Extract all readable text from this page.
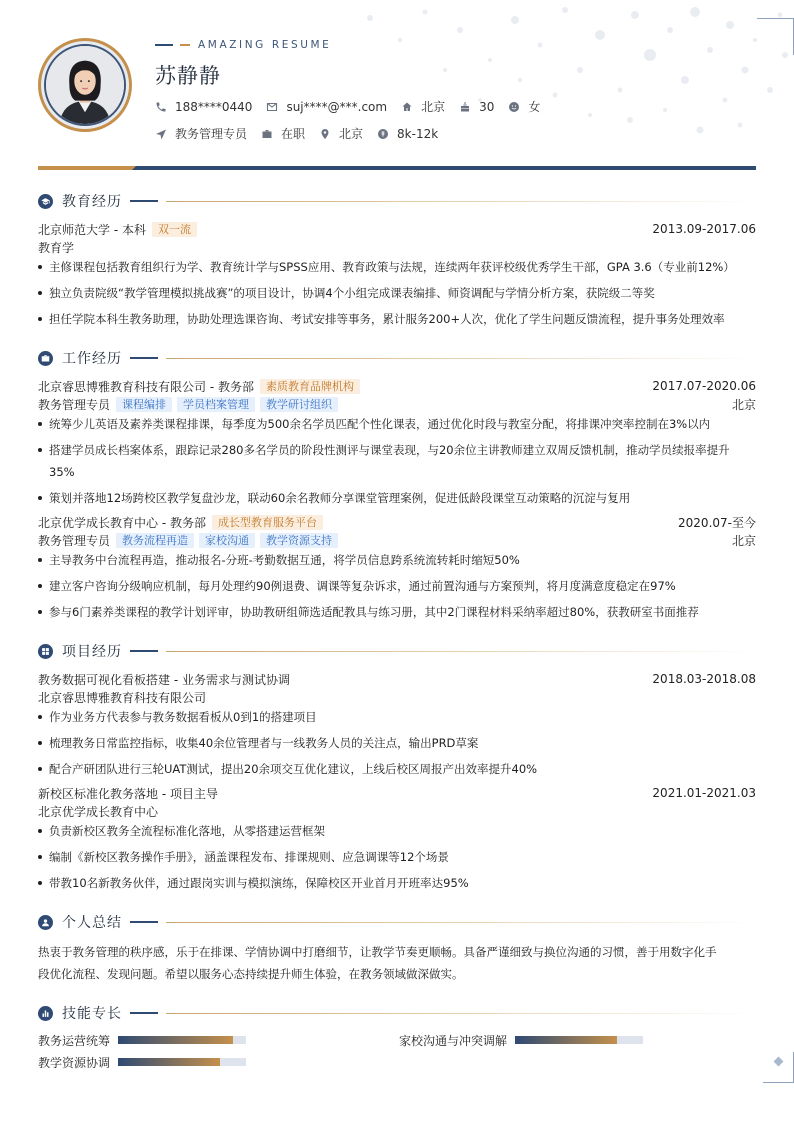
AMAZING RESUME
苏静静
188****0440	suj****@***.com	北京	30	女
教务管理专员	在职	北京	8k-12k
教育经历
北京师范大学 - 本科	双一流	2013.09-2017.06
教育学
主修课程包括教育组织行为学、教育统计学与SPSS应用、教育政策与法规，连续两年获评校级优秀学生干部，GPA 3.6（专业前12%）
独立负责院级“教学管理模拟挑战赛”的项目设计，协调4个小组完成课表编排、师资调配与学情分析方案，获院级二等奖
担任学院本科生教务助理，协助处理选课咨询、考试安排等事务，累计服务200+人次，优化了学生问题反馈流程，提升事务处理效率
工作经历
北京睿思博雅教育科技有限公司 - 教务部	素质教育品牌机构	2017.07-2020.06
教务管理专员	课程编排	学员档案管理	教学研讨组织	北京
统筹少儿英语及素养类课程排课，每季度为500余名学员匹配个性化课表，通过优化时段与教室分配，将排课冲突率控制在3%以内
搭建学员成长档案体系，跟踪记录280多名学员的阶段性测评与课堂表现，与20余位主讲教师建立双周反馈机制，推动学员续报率提升35%
策划并落地12场跨校区教学复盘沙龙，联动60余名教师分享课堂管理案例，促进低龄段课堂互动策略的沉淀与复用
北京优学成长教育中心 - 教务部	成长型教育服务平台	2020.07-至今
教务管理专员	教务流程再造	家校沟通	教学资源支持	北京
主导教务中台流程再造，推动报名-分班-考勤数据互通，将学员信息跨系统流转耗时缩短50%
建立客户咨询分级响应机制，每月处理约90例退费、调课等复杂诉求，通过前置沟通与方案预判，将月度满意度稳定在97%
参与6门素养类课程的教学计划评审，协助教研组筛选适配教具与练习册，其中2门课程材料采纳率超过80%，获教研室书面推荐
项目经历
教务数据可视化看板搭建 - 业务需求与测试协调	2018.03-2018.08
北京睿思博雅教育科技有限公司
作为业务方代表参与教务数据看板从0到1的搭建项目
梳理教务日常监控指标，收集40余位管理者与一线教务人员的关注点，输出PRD草案
配合产研团队进行三轮UAT测试，提出20余项交互优化建议，上线后校区周报产出效率提升40%
新校区标准化教务落地 - 项目主导	2021.01-2021.03
北京优学成长教育中心
负责新校区教务全流程标准化落地，从零搭建运营框架
编制《新校区教务操作手册》，涵盖课程发布、排课规则、应急调课等12个场景
带教10名新教务伙伴，通过跟岗实训与模拟演练，保障校区开业首月开班率达95%
个人总结
热衷于教务管理的秩序感，乐于在排课、学情协调中打磨细节，让教学节奏更顺畅。具备严谨细致与换位沟通的习惯，善于用数字化手
段优化流程、发现问题。希望以服务心态持续提升师生体验，在教务领域做深做实。
技能专长
教务运营统筹	家校沟通与冲突调解
教学资源协调
